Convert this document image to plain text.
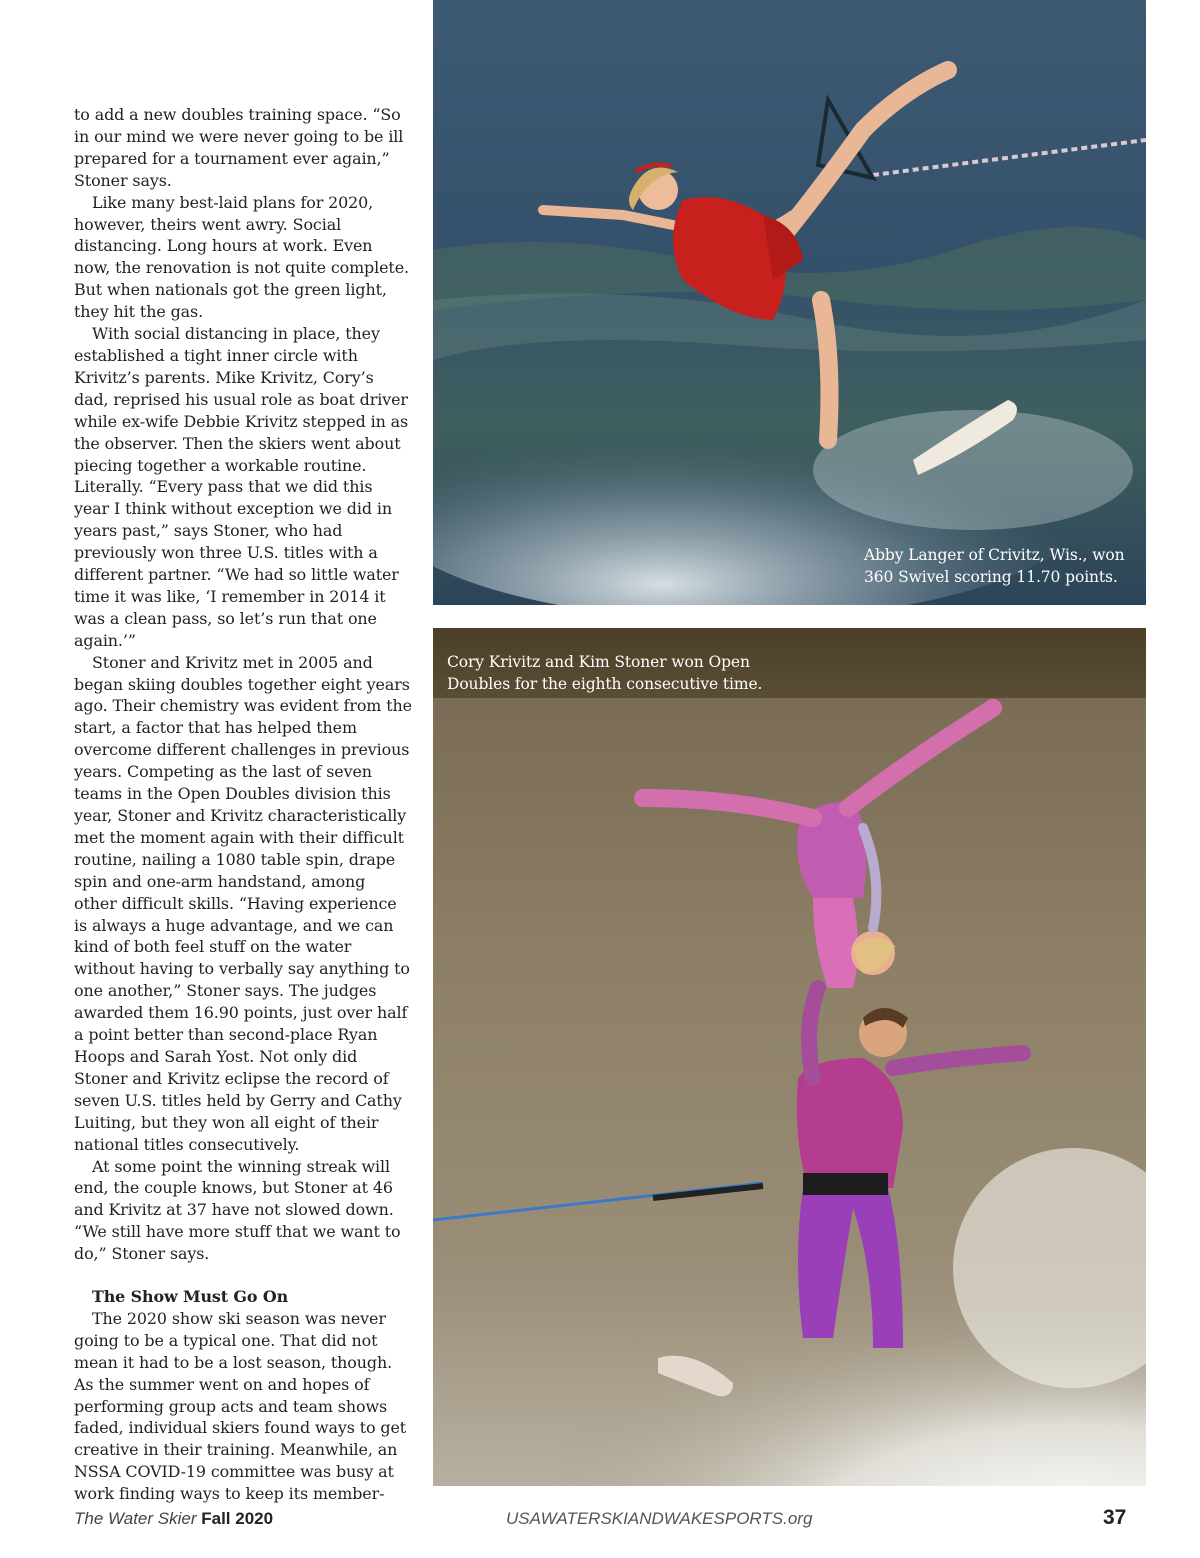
to add a new doubles training space. “So in our mind we were never going to be ill prepared for a tournament ever again,” Stoner says.

Like many best-laid plans for 2020, however, theirs went awry. Social distancing. Long hours at work. Even now, the renovation is not quite complete. But when nationals got the green light, they hit the gas.

With social distancing in place, they established a tight inner circle with Krivitz’s parents. Mike Krivitz, Cory’s dad, reprised his usual role as boat driver while ex-wife Debbie Krivitz stepped in as the observer. Then the skiers went about piecing together a workable routine. Literally. “Every pass that we did this year I think without exception we did in years past,” says Stoner, who had previously won three U.S. titles with a different partner. “We had so little water time it was like, ‘I remember in 2014 it was a clean pass, so let’s run that one again.’”

Stoner and Krivitz met in 2005 and began skiing doubles together eight years ago. Their chemistry was evident from the start, a factor that has helped them overcome different challenges in previous years. Competing as the last of seven teams in the Open Doubles division this year, Stoner and Krivitz characteristically met the moment again with their difficult routine, nailing a 1080 table spin, drape spin and one-arm handstand, among other difficult skills. “Having experience is always a huge advantage, and we can kind of both feel stuff on the water without having to verbally say anything to one another,” Stoner says. The judges awarded them 16.90 points, just over half a point better than second-place Ryan Hoops and Sarah Yost. Not only did Stoner and Krivitz eclipse the record of seven U.S. titles held by Gerry and Cathy Luiting, but they won all eight of their national titles consecutively.

At some point the winning streak will end, the couple knows, but Stoner at 46 and Krivitz at 37 have not slowed down. “We still have more stuff that we want to do,” Stoner says.

The Show Must Go On

The 2020 show ski season was never going to be a typical one. That did not mean it had to be a lost season, though. As the summer went on and hopes of performing group acts and team shows faded, individual skiers found ways to get creative in their training. Meanwhile, an NSSA COVID-19 committee was busy at work finding ways to keep its member-

Abby Langer of Crivitz, Wis., won 360 Swivel scoring 11.70 points.
Cory Krivitz and Kim Stoner won Open Doubles for the eighth consecutive time.
The Water Skier Fall 2020	USAWATERSKIANDWAKESPORTS.org	37
